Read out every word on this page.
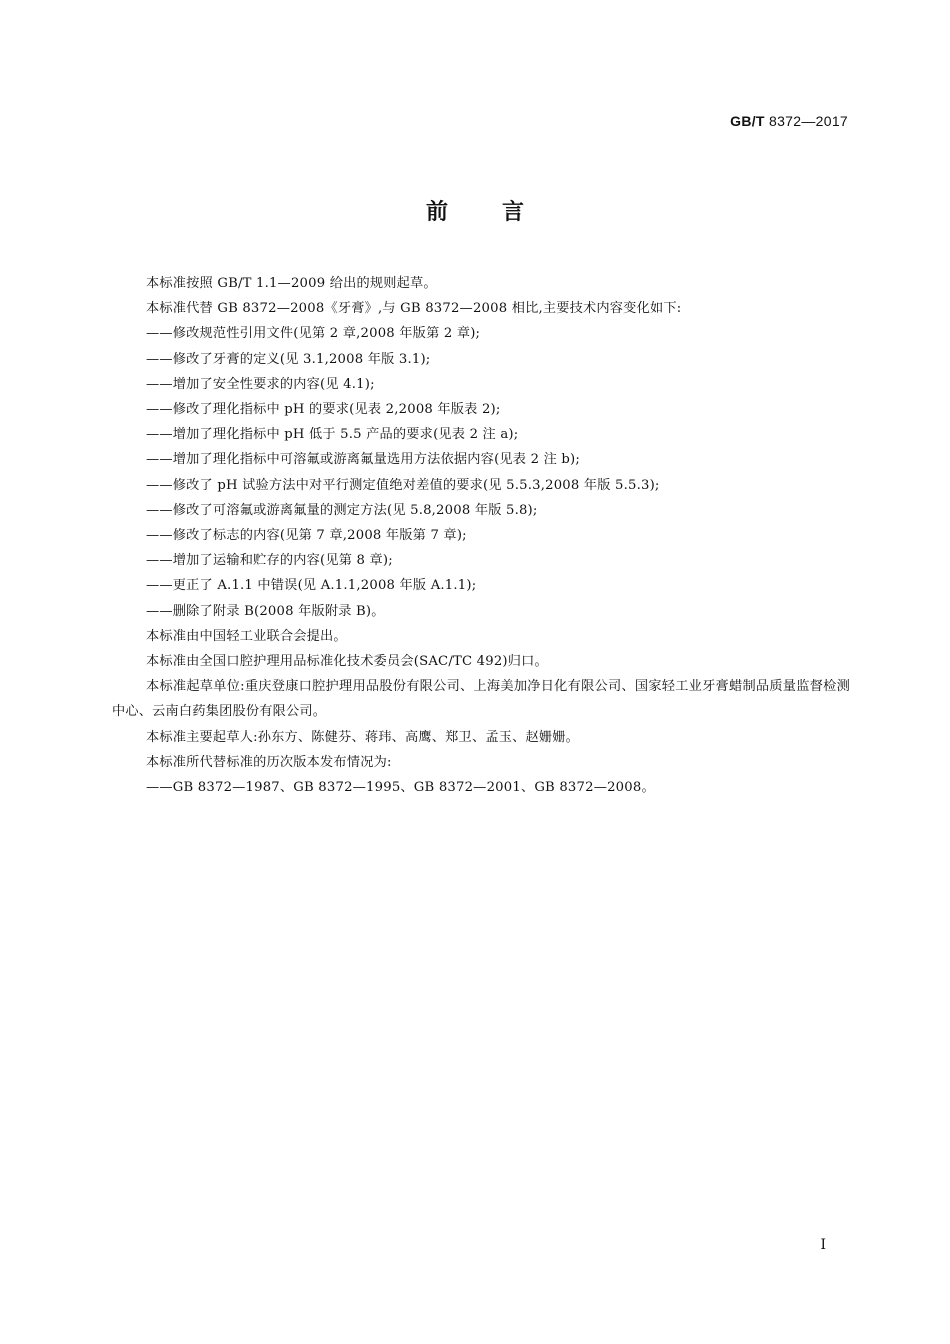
GB/T 8372—2017
前言

本标准按照 GB/T 1.1—2009 给出的规则起草。

本标准代替 GB 8372—2008《牙膏》,与 GB 8372—2008 相比,主要技术内容变化如下:

——修改规范性引用文件(见第 2 章,2008 年版第 2 章);

——修改了牙膏的定义(见 3.1,2008 年版 3.1);

——增加了安全性要求的内容(见 4.1);

——修改了理化指标中 pH 的要求(见表 2,2008 年版表 2);

——增加了理化指标中 pH 低于 5.5 产品的要求(见表 2 注 a);

——增加了理化指标中可溶氟或游离氟量选用方法依据内容(见表 2 注 b);

——修改了 pH 试验方法中对平行测定值绝对差值的要求(见 5.5.3,2008 年版 5.5.3);

——修改了可溶氟或游离氟量的测定方法(见 5.8,2008 年版 5.8);

——修改了标志的内容(见第 7 章,2008 年版第 7 章);

——增加了运输和贮存的内容(见第 8 章);

——更正了 A.1.1 中错误(见 A.1.1,2008 年版 A.1.1);

——删除了附录 B(2008 年版附录 B)。

本标准由中国轻工业联合会提出。

本标准由全国口腔护理用品标准化技术委员会(SAC/TC 492)归口。

本标准起草单位:重庆登康口腔护理用品股份有限公司、上海美加净日化有限公司、国家轻工业牙膏蜡制品质量监督检测中心、云南白药集团股份有限公司。

本标准主要起草人:孙东方、陈健芬、蒋玮、高鹰、郑卫、孟玉、赵姗姗。

本标准所代替标准的历次版本发布情况为:

——GB 8372—1987、GB 8372—1995、GB 8372—2001、GB 8372—2008。

I
